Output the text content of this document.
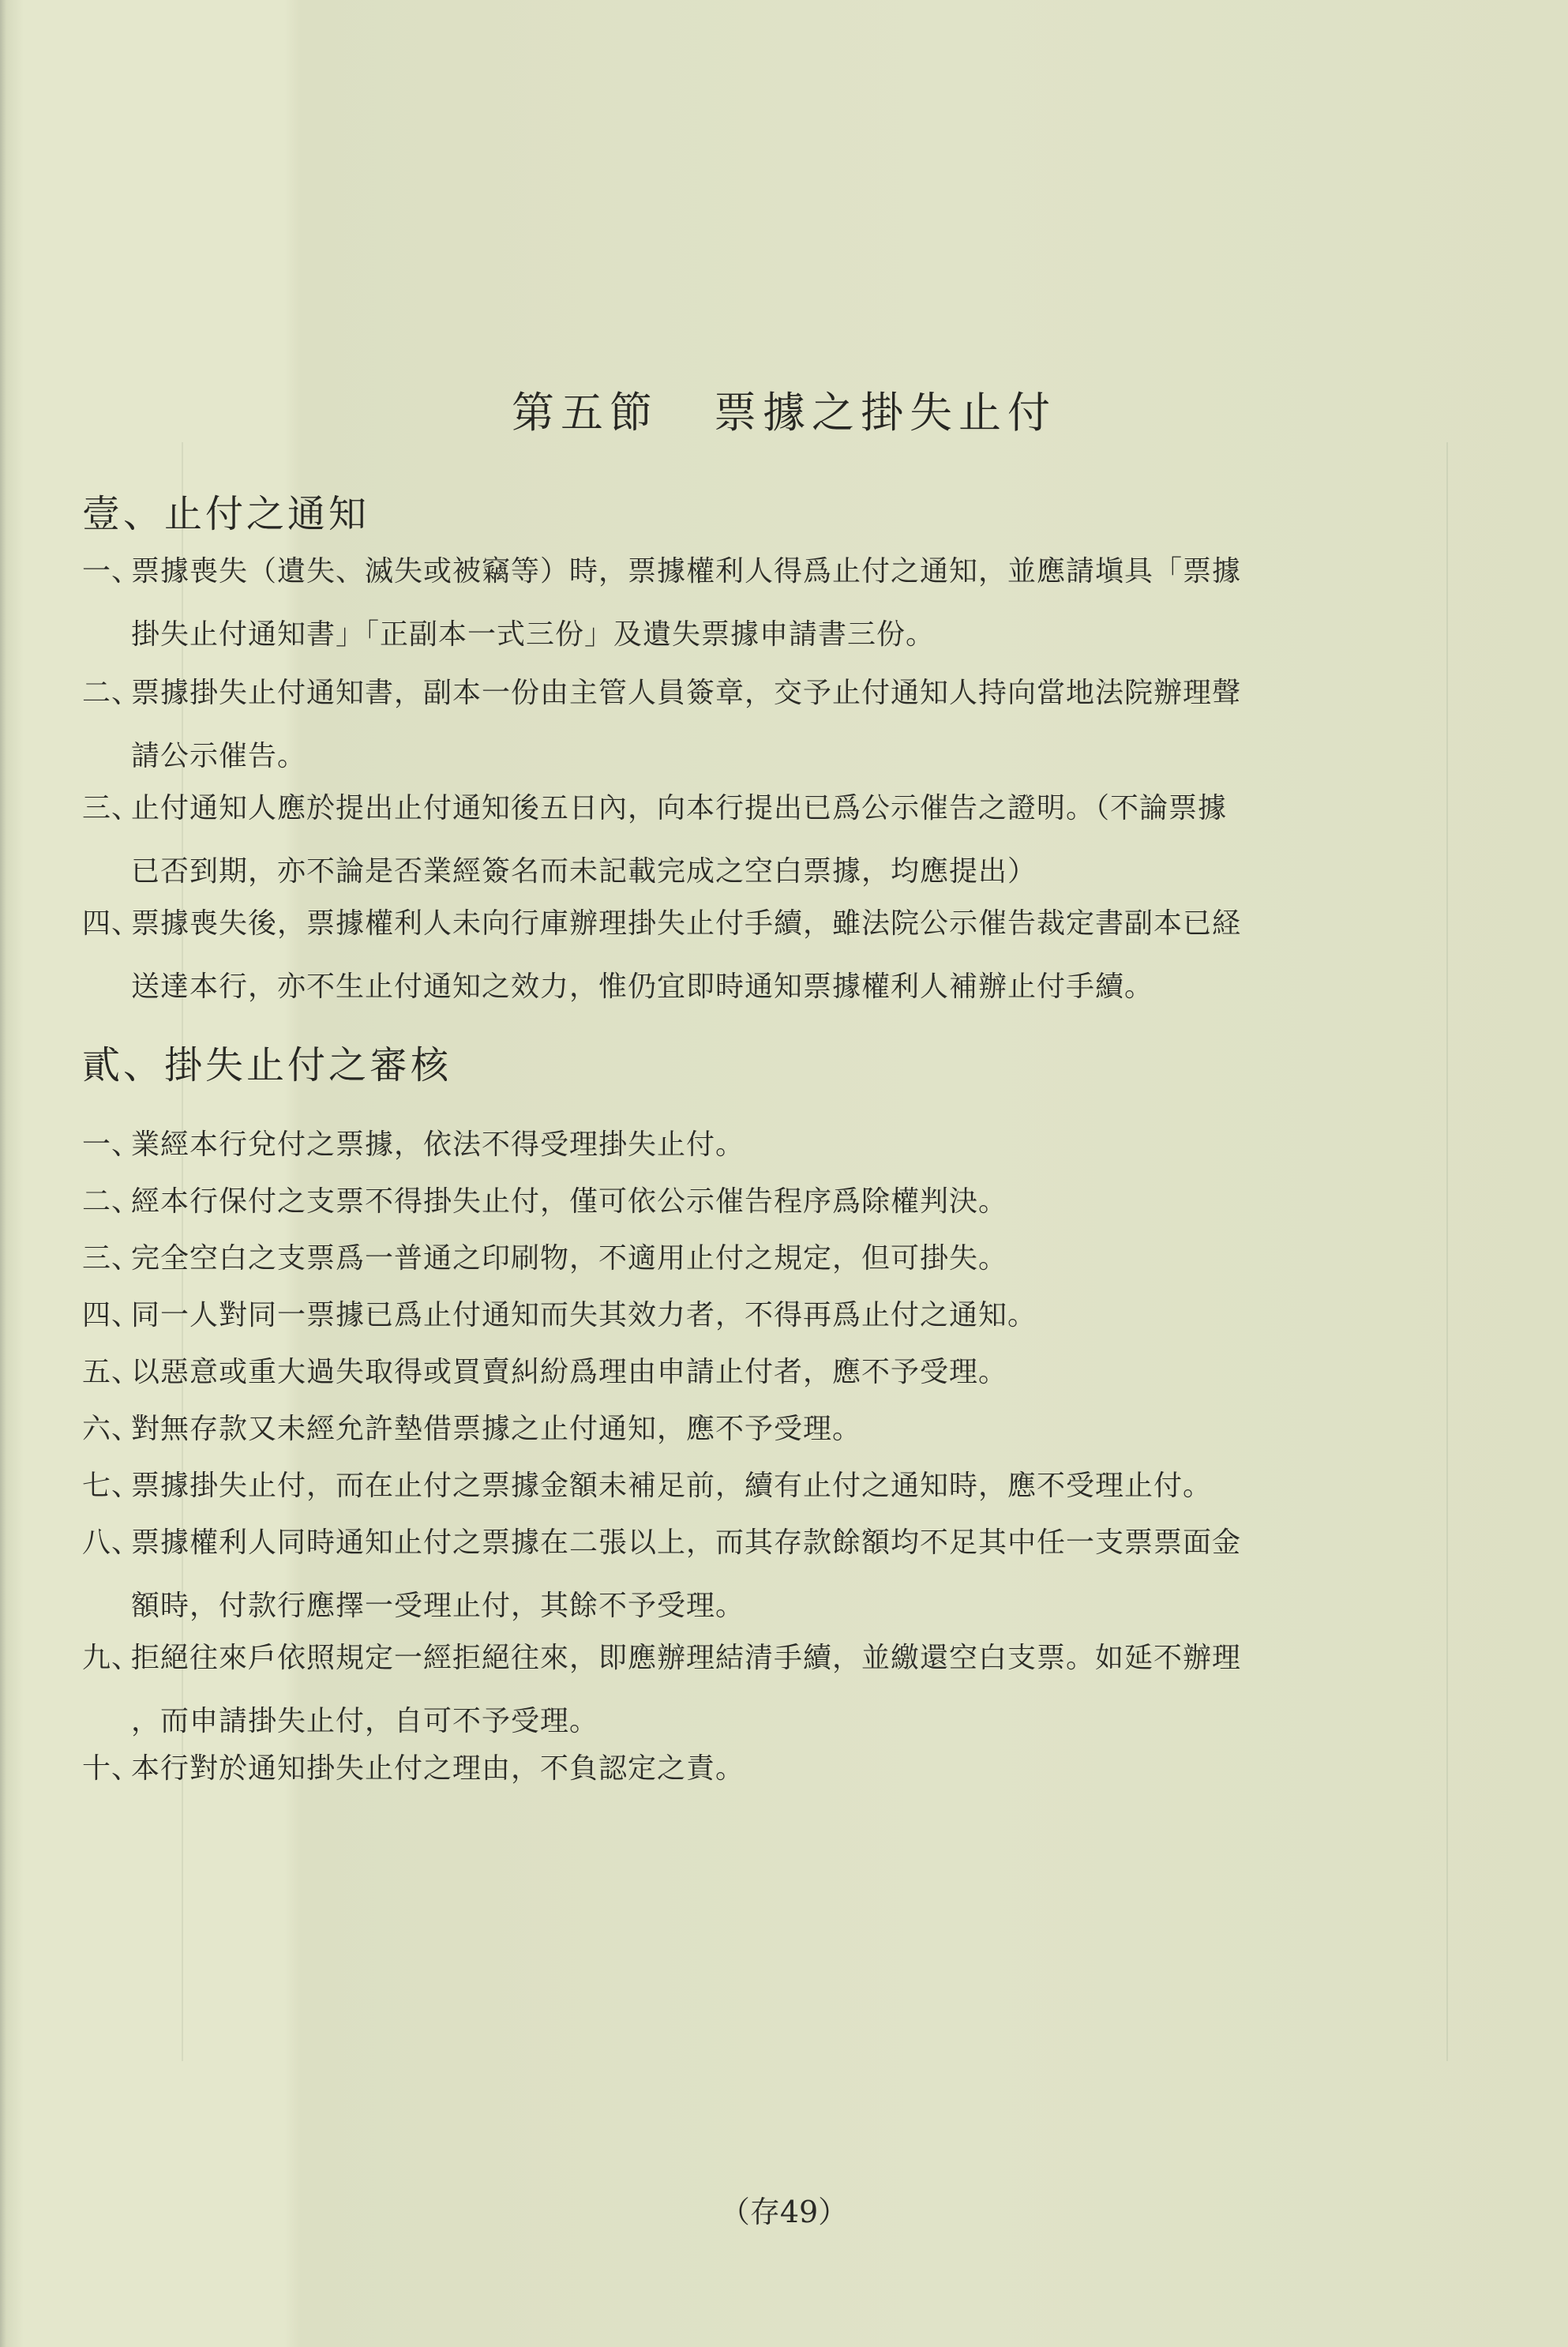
第五節 票據之掛失止付
壹、止付之通知
一、票據喪失（遺失、滅失或被竊等）時，票據權利人得爲止付之通知，並應請塡具「票據
掛失止付通知書」「正副本一式三份」及遺失票據申請書三份。
二、票據掛失止付通知書，副本一份由主管人員簽章，交予止付通知人持向當地法院辦理聲
請公示催告。
三、止付通知人應於提出止付通知後五日內，向本行提出已爲公示催告之證明。（不論票據
已否到期，亦不論是否業經簽名而未記載完成之空白票據，均應提出）
四、票據喪失後，票據權利人未向行庫辦理掛失止付手續，雖法院公示催告裁定書副本已経
送達本行，亦不生止付通知之效力，惟仍宜即時通知票據權利人補辦止付手續。
貳、掛失止付之審核
一、業經本行兌付之票據，依法不得受理掛失止付。
二、經本行保付之支票不得掛失止付，僅可依公示催告程序爲除權判決。
三、完全空白之支票爲一普通之印刷物，不適用止付之規定，但可掛失。
四、同一人對同一票據已爲止付通知而失其效力者，不得再爲止付之通知。
五、以惡意或重大過失取得或買賣糾紛爲理由申請止付者，應不予受理。
六、對無存款又未經允許墊借票據之止付通知，應不予受理。
七、票據掛失止付，而在止付之票據金額未補足前，續有止付之通知時，應不受理止付。
八、票據權利人同時通知止付之票據在二張以上，而其存款餘額均不足其中任一支票票面金
額時，付款行應擇一受理止付，其餘不予受理。
九、拒絕往來戶依照規定一經拒絕往來，即應辦理結清手續，並繳還空白支票。如延不辦理
，而申請掛失止付，自可不予受理。
十、本行對於通知掛失止付之理由，不負認定之責。
（存49）
